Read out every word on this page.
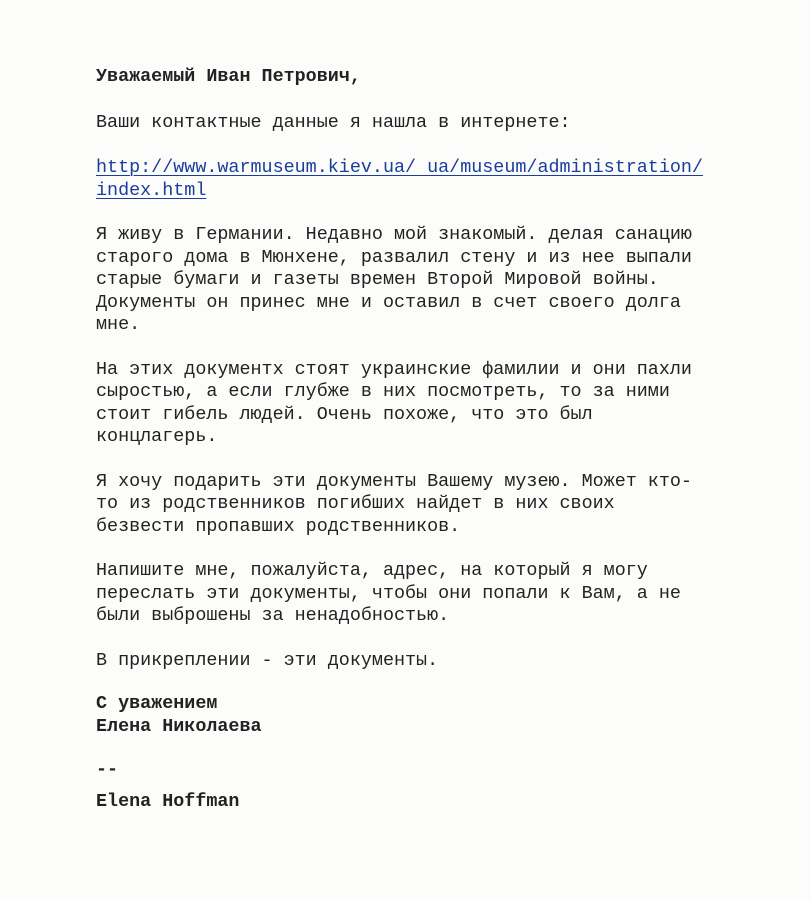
Уважаемый Иван Петрович,

Ваши контактные данные я нашла в интернете:

http://www.warmuseum.kiev.ua/ ua/museum/administration/
index.html
Я живу в Германии. Недавно мой знакомый. делая санацию
старого дома в Мюнхене, развалил стену и из нее выпали
старые бумаги и газеты времен Второй Мировой войны.
Документы он принес мне и оставил в счет своего долга
мне.
На этих документх стоят украинские фамилии и они пахли
сыростью, а если глубже в них посмотреть, то за ними
стоит гибель людей. Очень похоже, что это был
концлагерь.
Я хочу подарить эти документы Вашему музею. Может кто-
то из родственников погибших найдет в них своих
безвести пропавших родственников.
Напишите мне, пожалуйста, адрес, на который я могу
переслать эти документы, чтобы они попали к Вам, а не
были выброшены за ненадобностью.

В прикреплении - эти документы.

С уважением
Елена Николаева
--
Elena Hoffman
